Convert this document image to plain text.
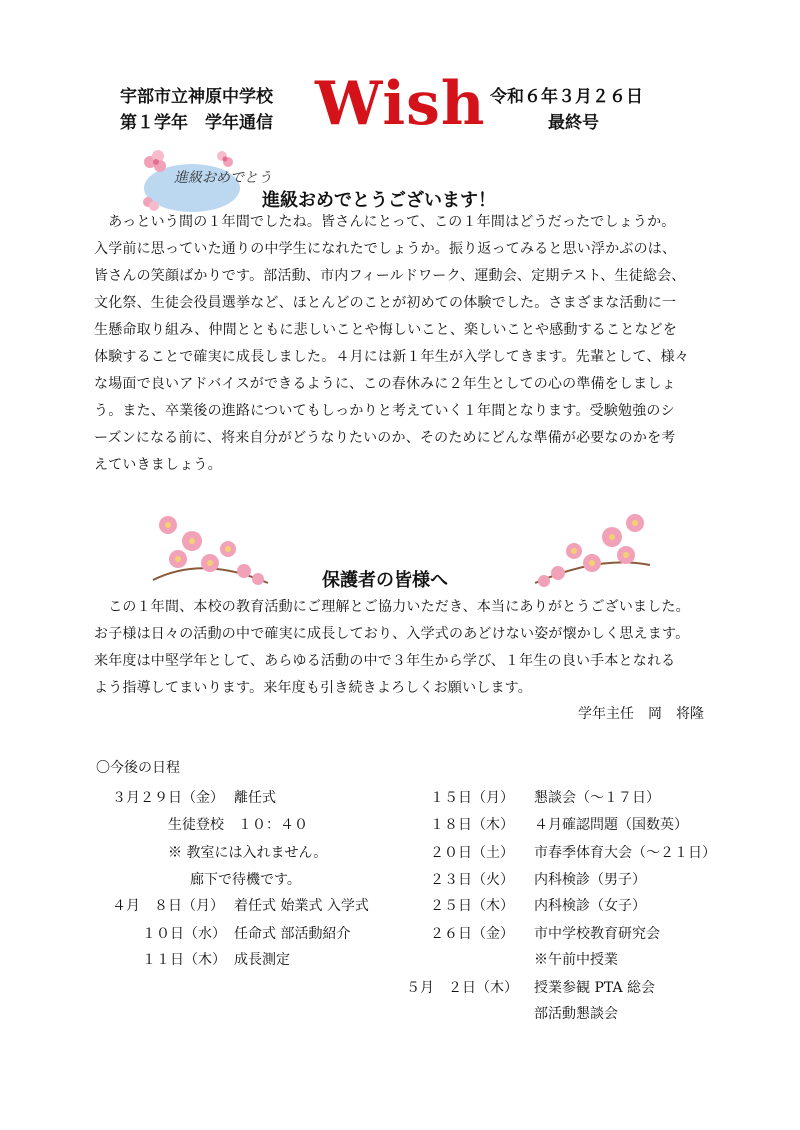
宇部市立神原中学校
第１学年　学年通信 Wish 令和６年３月２６日
最終号
進級おめでとう
進級おめでとうございます！
　あっという間の１年間でしたね。皆さんにとって、この１年間はどうだったでしょうか。
入学前に思っていた通りの中学生になれたでしょうか。振り返ってみると思い浮かぶのは、
皆さんの笑顔ばかりです。部活動、市内フィールドワーク、運動会、定期テスト、生徒総会、
文化祭、生徒会役員選挙など、ほとんどのことが初めての体験でした。さまざまな活動に一
生懸命取り組み、仲間とともに悲しいことや悔しいこと、楽しいことや感動することなどを
体験することで確実に成長しました。４月には新１年生が入学してきます。先輩として、様々
な場面で良いアドバイスができるように、この春休みに２年生としての心の準備をしましょ
う。また、卒業後の進路についてもしっかりと考えていく１年間となります。受験勉強のシ
ーズンになる前に、将来自分がどうなりたいのか、そのためにどんな準備が必要なのかを考
えていきましょう。
保護者の皆様へ
　この１年間、本校の教育活動にご理解とご協力いただき、本当にありがとうございました。
お子様は日々の活動の中で確実に成長しており、入学式のあどけない姿が懐かしく思えます。
来年度は中堅学年として、あらゆる活動の中で３年生から学び、１年生の良い手本となれる
よう指導してまいります。来年度も引き続きよろしくお願いします。
学年主任　岡　将隆
〇今後の日程
３月２９日（金） 離任式
生徒登校　１０：４０
※ 教室には入れません。
廊下で待機です。
４月　８日（月） 着任式 始業式 入学式
１０日（水） 任命式 部活動紹介
１１日（木） 成長測定
１５日（月） 懇談会（〜１７日）
１８日（木） ４月確認問題（国数英）
２０日（土） 市春季体育大会（〜２１日）
２３日（火） 内科検診（男子）
２５日（木） 内科検診（女子）
２６日（金） 市中学校教育研究会
※午前中授業
５月　２日（木） 授業参観 PTA 総会
部活動懇談会
